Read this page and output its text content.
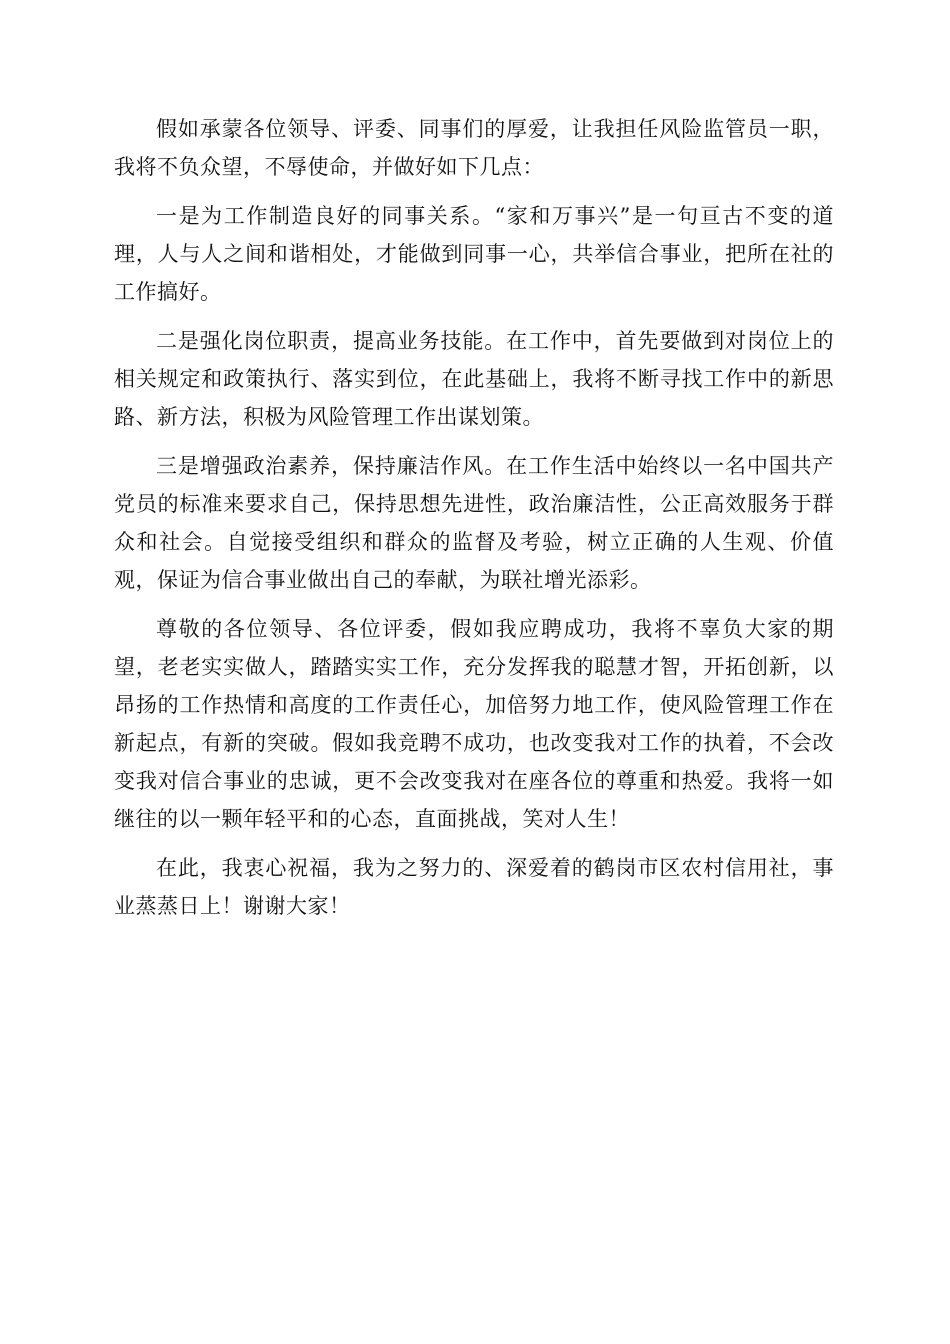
假如承蒙各位领导、评委、同事们的厚爱，让我担任风险监管员一职，我将不负众望，不辱使命，并做好如下几点：

一是为工作制造良好的同事关系。“家和万事兴”是一句亘古不变的道理，人与人之间和谐相处，才能做到同事一心，共举信合事业，把所在社的工作搞好。

二是强化岗位职责，提高业务技能。在工作中，首先要做到对岗位上的相关规定和政策执行、落实到位，在此基础上，我将不断寻找工作中的新思路、新方法，积极为风险管理工作出谋划策。

三是增强政治素养，保持廉洁作风。在工作生活中始终以一名中国共产党员的标准来要求自己，保持思想先进性，政治廉洁性，公正高效服务于群众和社会。自觉接受组织和群众的监督及考验，树立正确的人生观、价值观，保证为信合事业做出自己的奉献，为联社增光添彩。

尊敬的各位领导、各位评委，假如我应聘成功，我将不辜负大家的期望，老老实实做人，踏踏实实工作，充分发挥我的聪慧才智，开拓创新，以昂扬的工作热情和高度的工作责任心，加倍努力地工作，使风险管理工作在新起点，有新的突破。假如我竞聘不成功，也改变我对工作的执着，不会改变我对信合事业的忠诚，更不会改变我对在座各位的尊重和热爱。我将一如继往的以一颗年轻平和的心态，直面挑战，笑对人生！

在此，我衷心祝福，我为之努力的、深爱着的鹤岗市区农村信用社，事业蒸蒸日上！谢谢大家！
